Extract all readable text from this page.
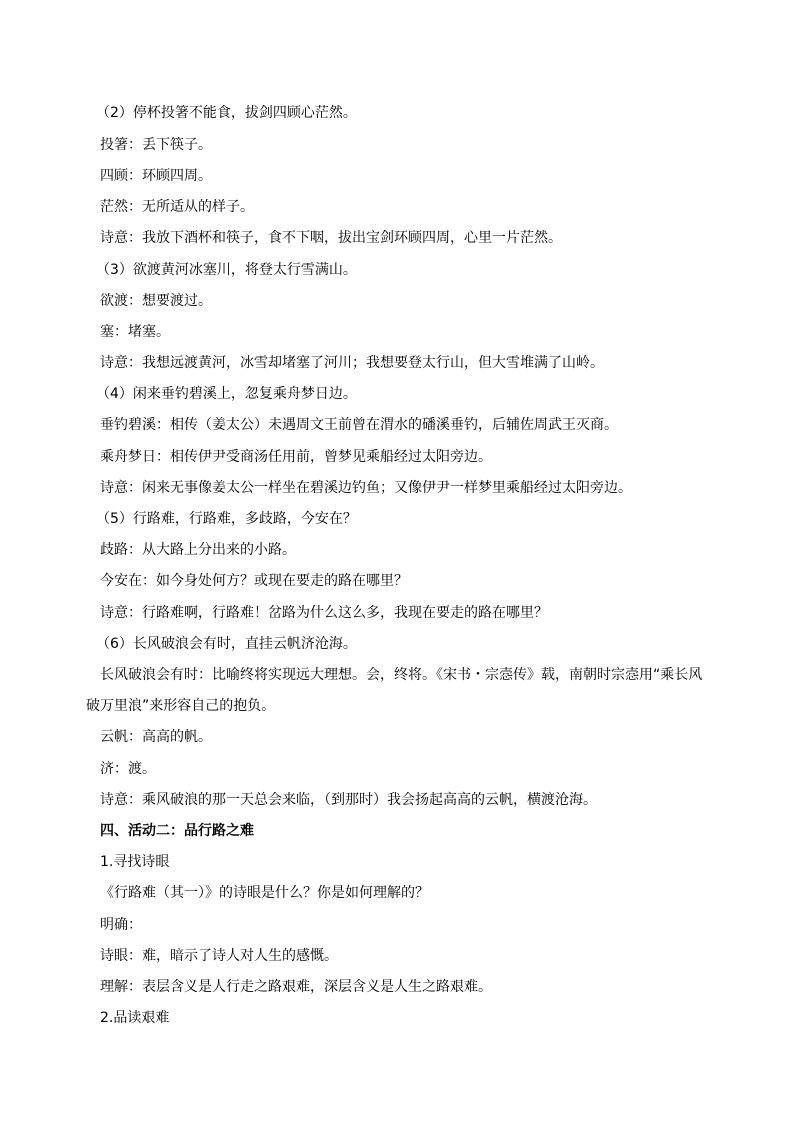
（2）停杯投箸不能食，拔剑四顾心茫然。
投箸：丢下筷子。
四顾：环顾四周。
茫然：无所适从的样子。
诗意：我放下酒杯和筷子，食不下咽，拔出宝剑环顾四周，心里一片茫然。
（3）欲渡黄河冰塞川，将登太行雪满山。
欲渡：想要渡过。
塞：堵塞。
诗意：我想远渡黄河，冰雪却堵塞了河川；我想要登太行山，但大雪堆满了山岭。
（4）闲来垂钓碧溪上，忽复乘舟梦日边。
垂钓碧溪：相传（姜太公）未遇周文王前曾在渭水的磻溪垂钓，后辅佐周武王灭商。
乘舟梦日：相传伊尹受商汤任用前，曾梦见乘船经过太阳旁边。
诗意：闲来无事像姜太公一样坐在碧溪边钓鱼；又像伊尹一样梦里乘船经过太阳旁边。
（5）行路难，行路难，多歧路，今安在？
歧路：从大路上分出来的小路。
今安在：如今身处何方？或现在要走的路在哪里？
诗意：行路难啊，行路难！岔路为什么这么多，我现在要走的路在哪里？
（6）长风破浪会有时，直挂云帆济沧海。
长风破浪会有时：比喻终将实现远大理想。会，终将。《宋书・宗悫传》载，南朝时宗悫用“乘长风
破万里浪”来形容自己的抱负。
云帆：高高的帆。
济：渡。
诗意：乘风破浪的那一天总会来临，（到那时）我会扬起高高的云帆，横渡沧海。
四、活动二：品行路之难
1.寻找诗眼
《行路难（其一）》的诗眼是什么？你是如何理解的？
明确：
诗眼：难，暗示了诗人对人生的感慨。
理解：表层含义是人行走之路艰难，深层含义是人生之路艰难。
2.品读艰难
